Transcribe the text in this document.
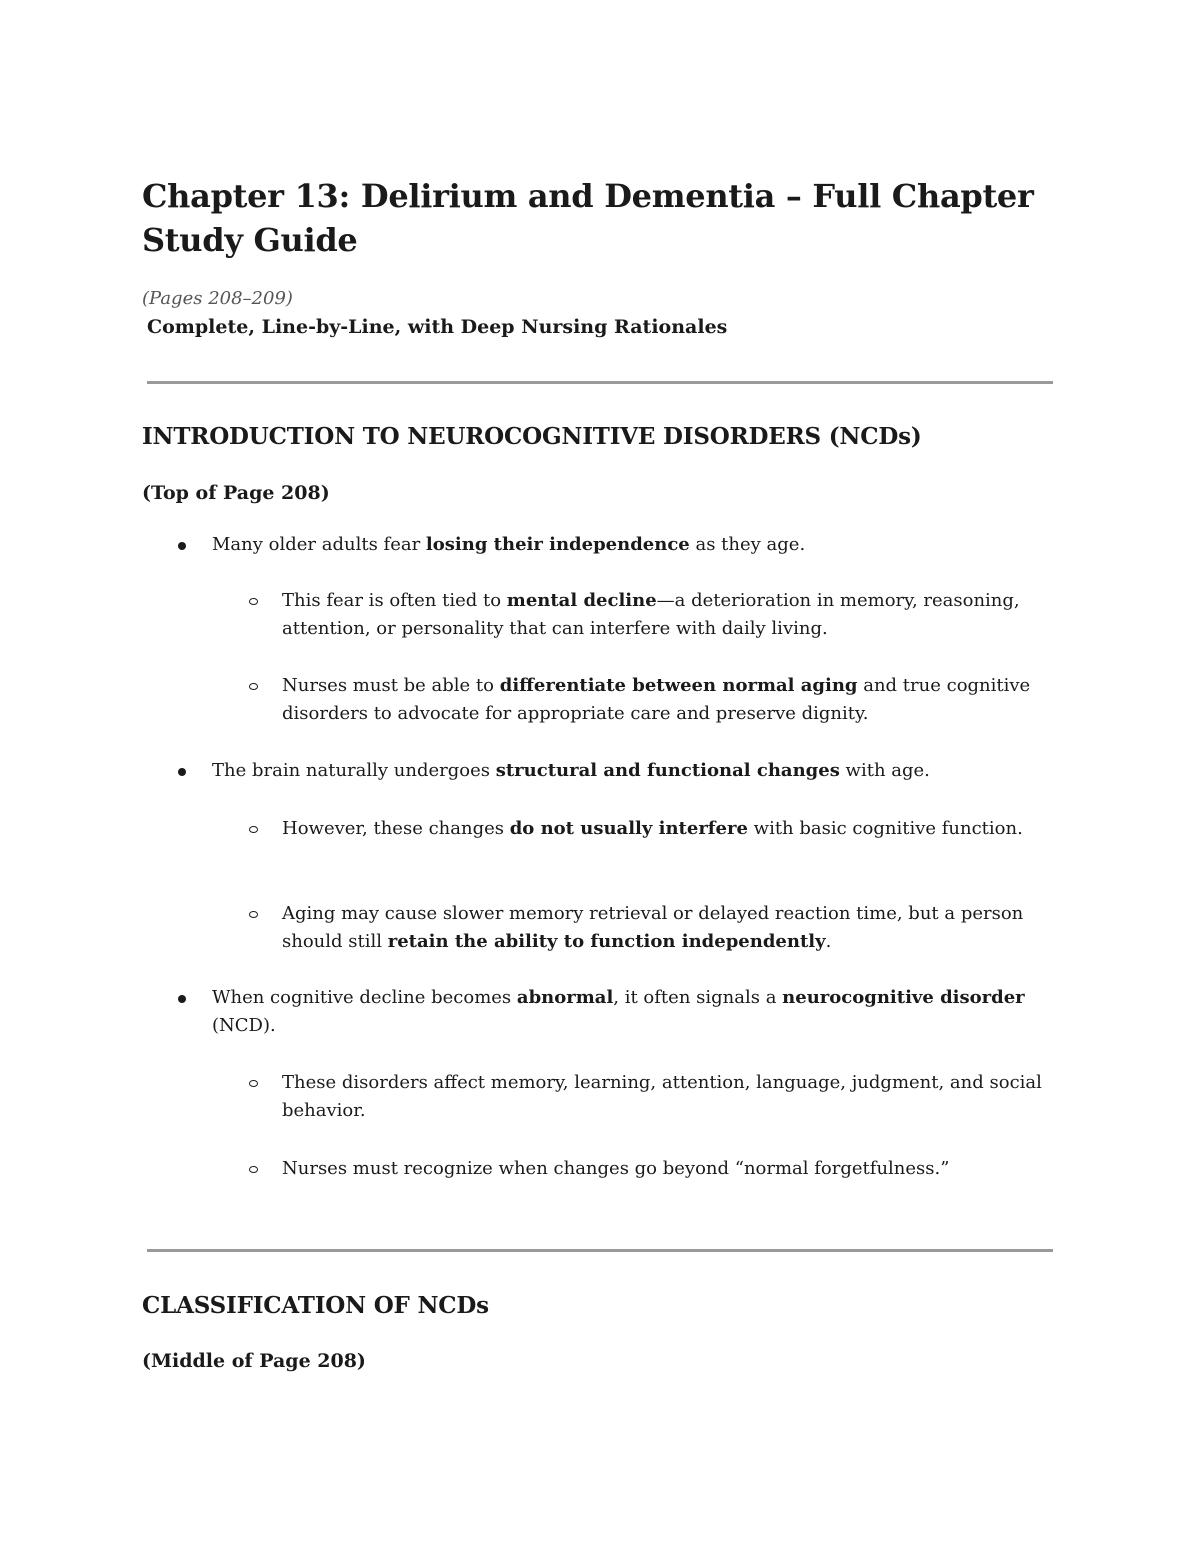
Chapter 13: Delirium and Dementia – Full Chapter Study Guide
(Pages 208–209)
Complete, Line-by-Line, with Deep Nursing Rationales
INTRODUCTION TO NEUROCOGNITIVE DISORDERS (NCDs)
(Top of Page 208)

Many older adults fear losing their independence as they age.

This fear is often tied to mental decline—a deterioration in memory, reasoning, attention, or personality that can interfere with daily living.

Nurses must be able to differentiate between normal aging and true cognitive disorders to advocate for appropriate care and preserve dignity.

The brain naturally undergoes structural and functional changes with age.

However, these changes do not usually interfere with basic cognitive function.

Aging may cause slower memory retrieval or delayed reaction time, but a person should still retain the ability to function independently.

When cognitive decline becomes abnormal, it often signals a neurocognitive disorder (NCD).

These disorders affect memory, learning, attention, language, judgment, and social behavior.

Nurses must recognize when changes go beyond “normal forgetfulness.”

CLASSIFICATION OF NCDs
(Middle of Page 208)
